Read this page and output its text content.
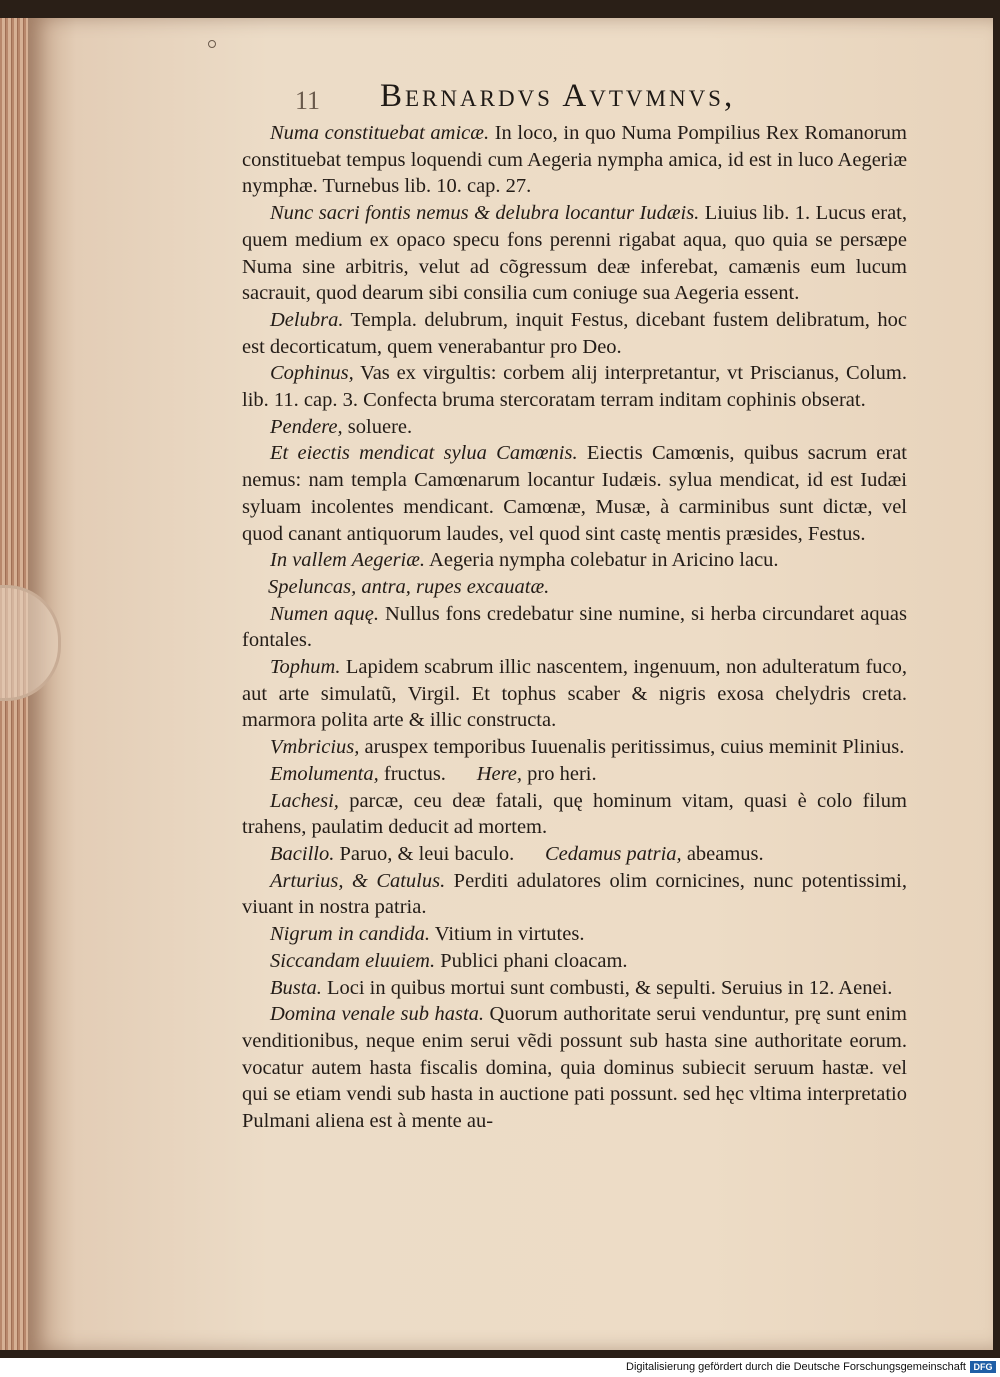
11 Bernardvs Avtvmnvs,

Numa constituebat amicæ. In loco, in quo Numa Pompilius Rex Romanorum constituebat tempus loquendi cum Aegeria nympha amica, id est in luco Aegeriæ nymphæ. Turnebus lib. 10. cap. 27.

Nunc sacri fontis nemus & delubra locantur Iudæis. Liuius lib. 1. Lucus erat, quem medium ex opaco specu fons perenni rigabat aqua, quo quia se persæpe Numa sine arbitris, velut ad cõgressum deæ inferebat, camænis eum lucum sacrauit, quod dearum sibi consilia cum coniuge sua Aegeria essent.

Delubra. Templa. delubrum, inquit Festus, dicebant fustem delibratum, hoc est decorticatum, quem venerabantur pro Deo.

Cophinus, Vas ex virgultis: corbem alij interpretantur, vt Priscianus, Colum. lib. 11. cap. 3. Confecta bruma stercoratam terram inditam cophinis obserat.

Pendere, soluere.

Et eiectis mendicat sylua Camœnis. Eiectis Camœnis, quibus sacrum erat nemus: nam templa Camœnarum locantur Iudæis. sylua mendicat, id est Iudæi syluam incolentes mendicant. Camœnæ, Musæ, à carminibus sunt dictæ, vel quod canant antiquorum laudes, vel quod sint castę mentis præsides, Festus.

In vallem Aegeriæ. Aegeria nympha colebatur in Aricino lacu.

Speluncas, antra, rupes excauatæ.

Numen aquę. Nullus fons credebatur sine numine, si herba circundaret aquas fontales.

Tophum. Lapidem scabrum illic nascentem, ingenuum, non adulteratum fuco, aut arte simulatũ, Virgil. Et tophus scaber & nigris exosa chelydris creta. marmora polita arte & illic constructa.

Vmbricius, aruspex temporibus Iuuenalis peritissimus, cuius meminit Plinius.

Emolumenta, fructus.      Here, pro heri.

Lachesi, parcæ, ceu deæ fatali, quę hominum vitam, quasi è colo filum trahens, paulatim deducit ad mortem.

Bacillo. Paruo, & leui baculo.      Cedamus patria, abeamus.

Arturius, & Catulus. Perditi adulatores olim cornicines, nunc potentissimi, viuant in nostra patria.

Nigrum in candida. Vitium in virtutes.

Siccandam eluuiem. Publici phani cloacam.

Busta. Loci in quibus mortui sunt combusti, & sepulti. Seruius in 12. Aenei.

Domina venale sub hasta. Quorum authoritate serui venduntur, prę sunt enim venditionibus, neque enim serui vẽdi possunt sub hasta sine authoritate eorum. vocatur autem hasta fiscalis domina, quia dominus subiecit seruum hastæ. vel qui se etiam vendi sub hasta in auctione pati possunt. sed hęc vltima interpretatio Pulmani aliena est à mente au-

Digitalisierung gefördert durch die Deutsche Forschungsgemeinschaft DFG
